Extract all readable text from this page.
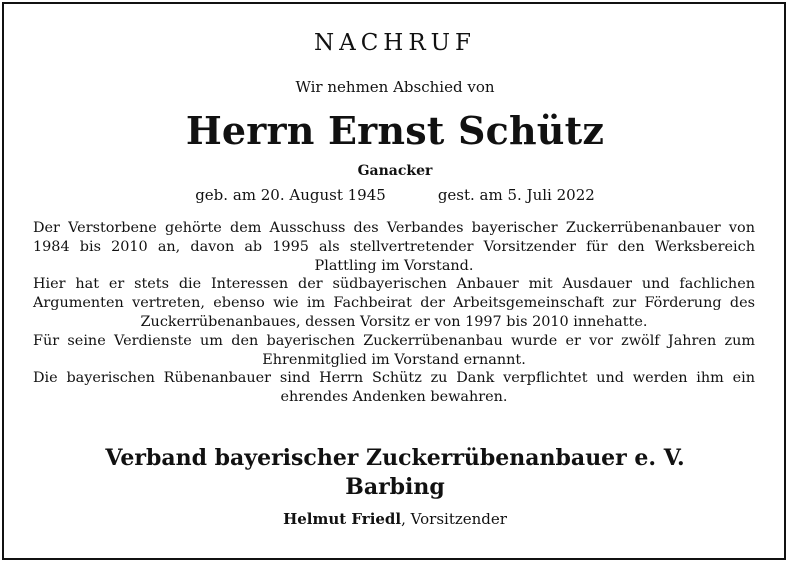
NACHRUF
Wir nehmen Abschied von
Herrn Ernst Schütz
Ganacker
geb. am 20. August 1945	gest. am 5. Juli 2022

Der Verstorbene gehörte dem Ausschuss des Verbandes bayerischer Zuckerrübenanbauer von 1984 bis 2010 an, davon ab 1995 als stellvertretender Vorsitzender für den Werksbereich Plattling im Vorstand.

Hier hat er stets die Interessen der südbayerischen Anbauer mit Ausdauer und fachlichen Argumenten vertreten, ebenso wie im Fachbeirat der Arbeitsgemeinschaft zur Förderung des Zuckerrübenanbaues, dessen Vorsitz er von 1997 bis 2010 innehatte.

Für seine Verdienste um den bayerischen Zuckerrübenanbau wurde er vor zwölf Jahren zum Ehrenmitglied im Vorstand ernannt.

Die bayerischen Rübenanbauer sind Herrn Schütz zu Dank verpflichtet und werden ihm ein ehrendes Andenken bewahren.

Verband bayerischer Zuckerrübenanbauer e. V.
Barbing
Helmut Friedl, Vorsitzender
